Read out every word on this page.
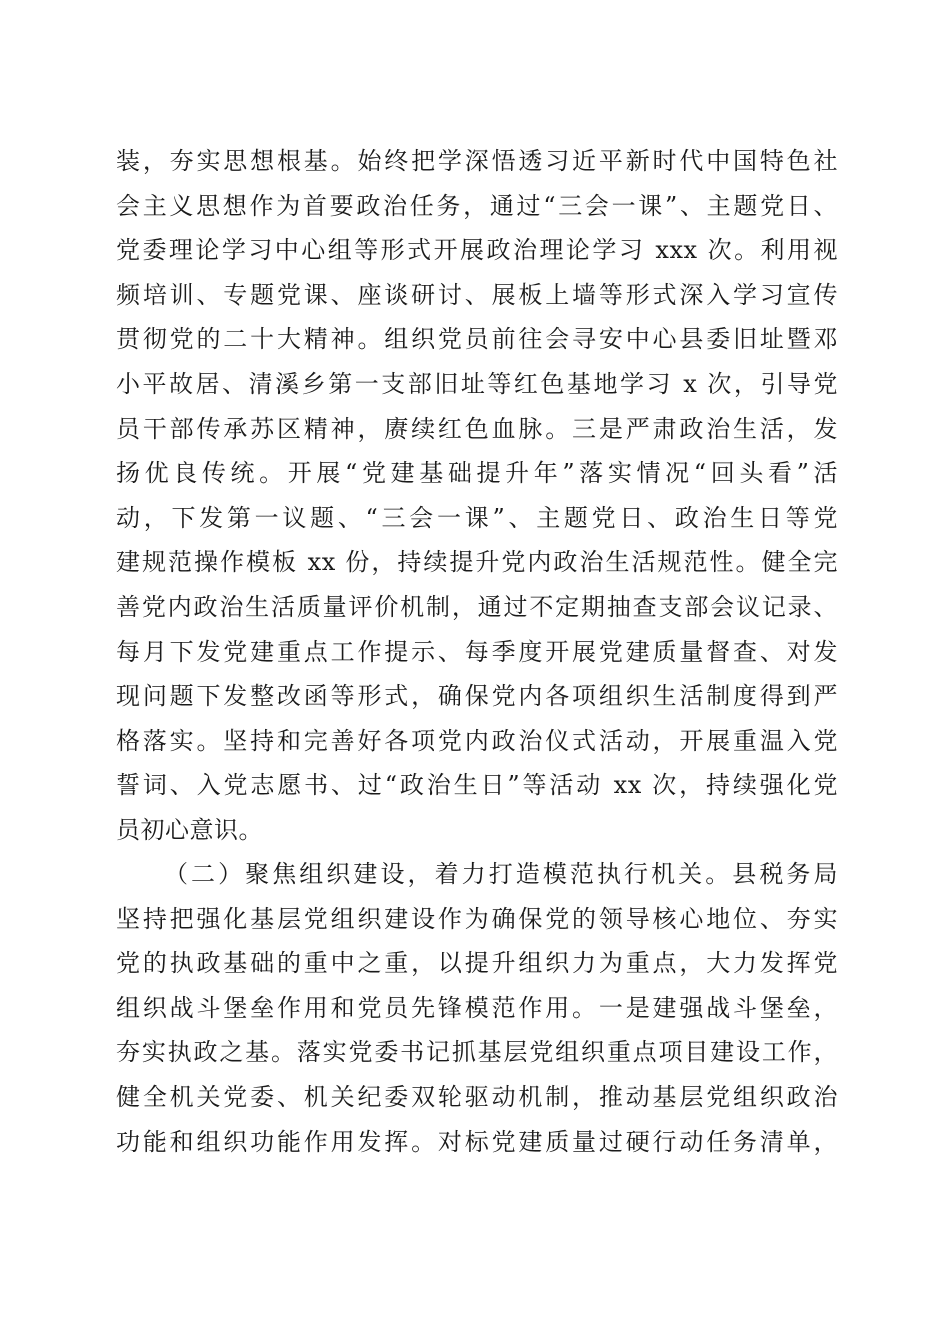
装，夯实思想根基。始终把学深悟透习近平新时代中国特色社
会主义思想作为首要政治任务，通过“三会一课”、主题党日、
党委理论学习中心组等形式开展政治理论学习 xxx 次。利用视
频培训、专题党课、座谈研讨、展板上墙等形式深入学习宣传
贯彻党的二十大精神。组织党员前往会寻安中心县委旧址暨邓
小平故居、清溪乡第一支部旧址等红色基地学习 x 次，引导党
员干部传承苏区精神，赓续红色血脉。三是严肃政治生活，发
扬优良传统。开展“党建基础提升年”落实情况“回头看”活
动，下发第一议题、“三会一课”、主题党日、政治生日等党
建规范操作模板 xx 份，持续提升党内政治生活规范性。健全完
善党内政治生活质量评价机制，通过不定期抽查支部会议记录、
每月下发党建重点工作提示、每季度开展党建质量督查、对发
现问题下发整改函等形式，确保党内各项组织生活制度得到严
格落实。坚持和完善好各项党内政治仪式活动，开展重温入党
誓词、入党志愿书、过“政治生日”等活动 xx 次，持续强化党
员初心意识。
（二）聚焦组织建设，着力打造模范执行机关。县税务局
坚持把强化基层党组织建设作为确保党的领导核心地位、夯实
党的执政基础的重中之重，以提升组织力为重点，大力发挥党
组织战斗堡垒作用和党员先锋模范作用。一是建强战斗堡垒，
夯实执政之基。落实党委书记抓基层党组织重点项目建设工作，
健全机关党委、机关纪委双轮驱动机制，推动基层党组织政治
功能和组织功能作用发挥。对标党建质量过硬行动任务清单，
